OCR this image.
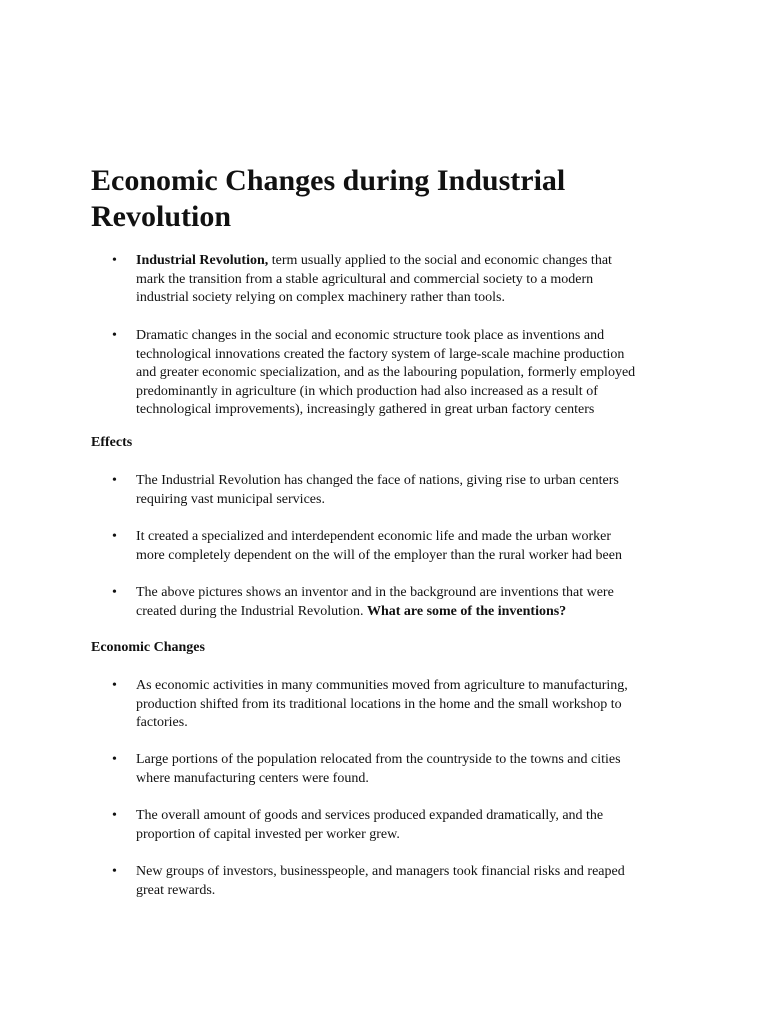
Economic Changes during Industrial
Revolution
•
Industrial Revolution, term usually applied to the social and economic changes that
mark the transition from a stable agricultural and commercial society to a modern
industrial society relying on complex machinery rather than tools.
•
Dramatic changes in the social and economic structure took place as inventions and
technological innovations created the factory system of large-scale machine production
and greater economic specialization, and as the labouring population, formerly employed
predominantly in agriculture (in which production had also increased as a result of
technological improvements), increasingly gathered in great urban factory centers
Effects
•
The Industrial Revolution has changed the face of nations, giving rise to urban centers
requiring vast municipal services.
•
It created a specialized and interdependent economic life and made the urban worker
more completely dependent on the will of the employer than the rural worker had been
•
The above pictures shows an inventor and in the background are inventions that were
created during the Industrial Revolution. What are some of the inventions?
Economic Changes
•
As economic activities in many communities moved from agriculture to manufacturing,
production shifted from its traditional locations in the home and the small workshop to
factories.
•
Large portions of the population relocated from the countryside to the towns and cities
where manufacturing centers were found.
•
The overall amount of goods and services produced expanded dramatically, and the
proportion of capital invested per worker grew.
•
New groups of investors, businesspeople, and managers took financial risks and reaped
great rewards.
